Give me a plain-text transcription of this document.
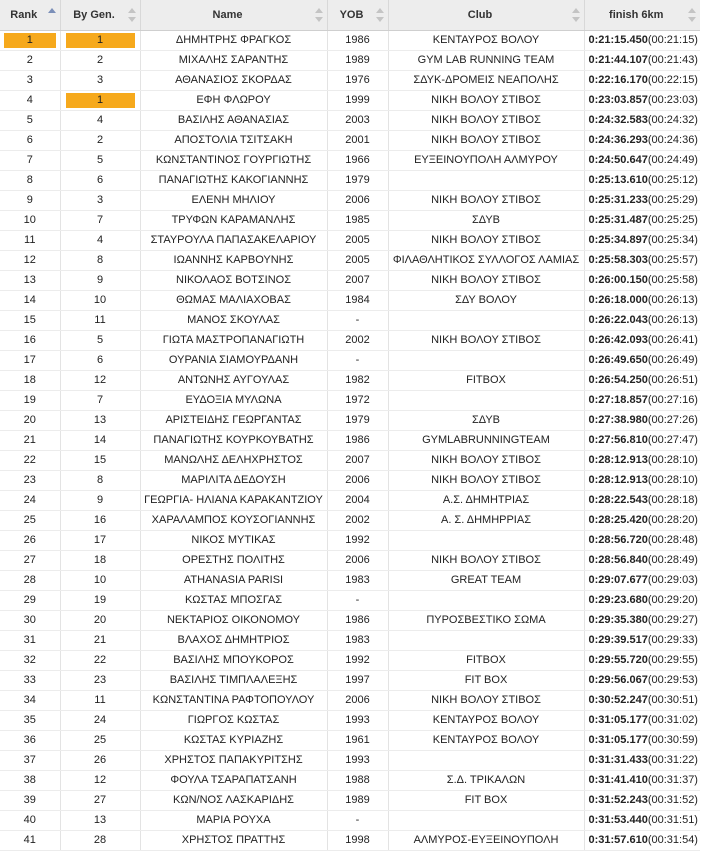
Rank	By Gen.	Name	YOB	Club	finish 6km

1	1	ΔΗΜΗΤΡΗΣ ΦΡΑΓΚΟΣ	1986	ΚΕΝΤΑΥΡΟΣ ΒΟΛΟΥ	0:21:15.450(00:21:15)

2	2	ΜΙΧΑΛΗΣ ΣΑΡΑΝΤΗΣ	1989	GYM LAB RUNNING TEAM	0:21:44.107(00:21:43)

3	3	ΑΘΑΝΑΣΙΟΣ ΣΚΟΡΔΑΣ	1976	ΣΔΥΚ-ΔΡΟΜΕΙΣ ΝΕΑΠΟΛΗΣ	0:22:16.170(00:22:15)

4	1	ΕΦΗ ΦΛΩΡΟΥ	1999	ΝΙΚΗ ΒΟΛΟΥ ΣΤΙΒΟΣ	0:23:03.857(00:23:03)

5	4	ΒΑΣΙΛΗΣ ΑΘΑΝΑΣΙΑΣ	2003	ΝΙΚΗ ΒΟΛΟΥ ΣΤΙΒΟΣ	0:24:32.583(00:24:32)

6	2	ΑΠΟΣΤΟΛΙΑ ΤΣΙΤΣΑΚΗ	2001	ΝΙΚΗ ΒΟΛΟΥ ΣΤΙΒΟΣ	0:24:36.293(00:24:36)

7	5	ΚΩΝΣΤΑΝΤΙΝΟΣ ΓΟΥΡΓΙΩΤΗΣ	1966	ΕΥΞΕΙΝΟΥΠΟΛΗ ΑΛΜΥΡΟΥ	0:24:50.647(00:24:49)

8	6	ΠΑΝΑΓΙΩΤΗΣ ΚΑΚΟΓΙΑΝΝΗΣ	1979		0:25:13.610(00:25:12)

9	3	ΕΛΕΝΗ ΜΗΛΙΟΥ	2006	ΝΙΚΗ ΒΟΛΟΥ ΣΤΙΒΟΣ	0:25:31.233(00:25:29)

10	7	ΤΡΥΦΩΝ ΚΑΡΑΜΑΝΛΗΣ	1985	ΣΔΥΒ	0:25:31.487(00:25:25)

11	4	ΣΤΑΥΡΟΥΛΑ ΠΑΠΑΣΑΚΕΛΑΡΙΟΥ	2005	ΝΙΚΗ ΒΟΛΟΥ ΣΤΙΒΟΣ	0:25:34.897(00:25:34)

12	8	ΙΩΑΝΝΗΣ ΚΑΡΒΟΥΝΗΣ	2005	ΦΙΛΑΘΛΗΤΙΚΟΣ ΣΥΛΛΟΓΟΣ ΛΑΜΙΑΣ	0:25:58.303(00:25:57)

13	9	ΝΙΚΟΛΑΟΣ ΒΟΤΣΙΝΟΣ	2007	ΝΙΚΗ ΒΟΛΟΥ ΣΤΙΒΟΣ	0:26:00.150(00:25:58)

14	10	ΘΩΜΑΣ ΜΑΛΙΑΧΟΒΑΣ	1984	ΣΔΥ ΒΟΛΟΥ	0:26:18.000(00:26:13)

15	11	ΜΑΝΟΣ ΣΚΟΥΛΑΣ	-		0:26:22.043(00:26:13)

16	5	ΓΙΩΤΑ ΜΑΣΤΡΟΠΑΝΑΓΙΩΤΗ	2002	ΝΙΚΗ ΒΟΛΟΥ ΣΤΙΒΟΣ	0:26:42.093(00:26:41)

17	6	ΟΥΡΑΝΙΑ ΣΙΑΜΟΥΡΔΑΝΗ	-		0:26:49.650(00:26:49)

18	12	ΑΝΤΩΝΗΣ ΑΥΓΟΥΛΑΣ	1982	FITBOX	0:26:54.250(00:26:51)

19	7	ΕΥΔΟΞΙΑ ΜΥΛΩΝΑ	1972		0:27:18.857(00:27:16)

20	13	ΑΡΙΣΤΕΙΔΗΣ ΓΕΩΡΓΑΝΤΑΣ	1979	ΣΔΥΒ	0:27:38.980(00:27:26)

21	14	ΠΑΝΑΓΙΩΤΗΣ ΚΟΥΡΚΟΥΒΑΤΗΣ	1986	GYMLABRUNNINGTEAM	0:27:56.810(00:27:47)

22	15	ΜΑΝΩΛΗΣ ΔΕΛΗΧΡΗΣΤΟΣ	2007	ΝΙΚΗ ΒΟΛΟΥ ΣΤΙΒΟΣ	0:28:12.913(00:28:10)

23	8	ΜΑΡΙΛΙΤΑ ΔΕΔΟΥΣΗ	2006	ΝΙΚΗ ΒΟΛΟΥ ΣΤΙΒΟΣ	0:28:12.913(00:28:10)

24	9	ΓΕΩΡΓΙΑ- ΗΛΙΑΝΑ ΚΑΡΑΚΑΝΤΖΙΟΥ	2004	Α.Σ. ΔΗΜΗΤΡΙΑΣ	0:28:22.543(00:28:18)

25	16	ΧΑΡΑΛΑΜΠΟΣ ΚΟΥΣΟΓΙΑΝΝΗΣ	2002	Α. Σ. ΔΗΜΗΡΡΙΑΣ	0:28:25.420(00:28:20)

26	17	ΝΙΚΟΣ ΜΥΤΙΚΑΣ	1992		0:28:56.720(00:28:48)

27	18	ΟΡΕΣΤΗΣ ΠΟΛΙΤΗΣ	2006	ΝΙΚΗ ΒΟΛΟΥ ΣΤΙΒΟΣ	0:28:56.840(00:28:49)

28	10	ATHANASIA PARISI	1983	GREAT TEAM	0:29:07.677(00:29:03)

29	19	ΚΩΣΤΑΣ ΜΠΟΣΓΑΣ	-		0:29:23.680(00:29:20)

30	20	ΝΕΚΤΑΡΙΟΣ ΟΙΚΟΝΟΜΟΥ	1986	ΠΥΡΟΣΒΕΣΤΙΚΟ ΣΩΜΑ	0:29:35.380(00:29:27)

31	21	ΒΛΑΧΟΣ ΔΗΜΗΤΡΙΟΣ	1983		0:29:39.517(00:29:33)

32	22	ΒΑΣΙΛΗΣ ΜΠΟΥΚΟΡΟΣ	1992	FITBOX	0:29:55.720(00:29:55)

33	23	ΒΑΣΙΛΗΣ ΤΙΜΠΛΑΛΕΞΗΣ	1997	FIT BOX	0:29:56.067(00:29:53)

34	11	ΚΩΝΣΤΑΝΤΙΝΑ ΡΑΦΤΟΠΟΥΛΟΥ	2006	ΝΙΚΗ ΒΟΛΟΥ ΣΤΙΒΟΣ	0:30:52.247(00:30:51)

35	24	ΓΙΩΡΓΟΣ ΚΩΣΤΑΣ	1993	ΚΕΝΤΑΥΡΟΣ ΒΟΛΟΥ	0:31:05.177(00:31:02)

36	25	ΚΩΣΤΑΣ ΚΥΡΙΑΖΗΣ	1961	ΚΕΝΤΑΥΡΟΣ ΒΟΛΟΥ	0:31:05.177(00:30:59)

37	26	ΧΡΗΣΤΟΣ ΠΑΠΑΚΥΡΙΤΣΗΣ	1993		0:31:31.433(00:31:22)

38	12	ΦΟΥΛΑ ΤΣΑΡΑΠΑΤΣΑΝΗ	1988	Σ.Δ. ΤΡΙΚΑΛΩΝ	0:31:41.410(00:31:37)

39	27	ΚΩΝ/ΝΟΣ ΛΑΣΚΑΡΙΔΗΣ	1989	FIT BOX	0:31:52.243(00:31:52)

40	13	ΜΑΡΙΑ ΡΟΥΧΑ	-		0:31:53.440(00:31:51)

41	28	ΧΡΗΣΤΟΣ ΠΡΑΤΤΗΣ	1998	ΑΛΜΥΡΟΣ-ΕΥΞΕΙΝΟΥΠΟΛΗ	0:31:57.610(00:31:54)
